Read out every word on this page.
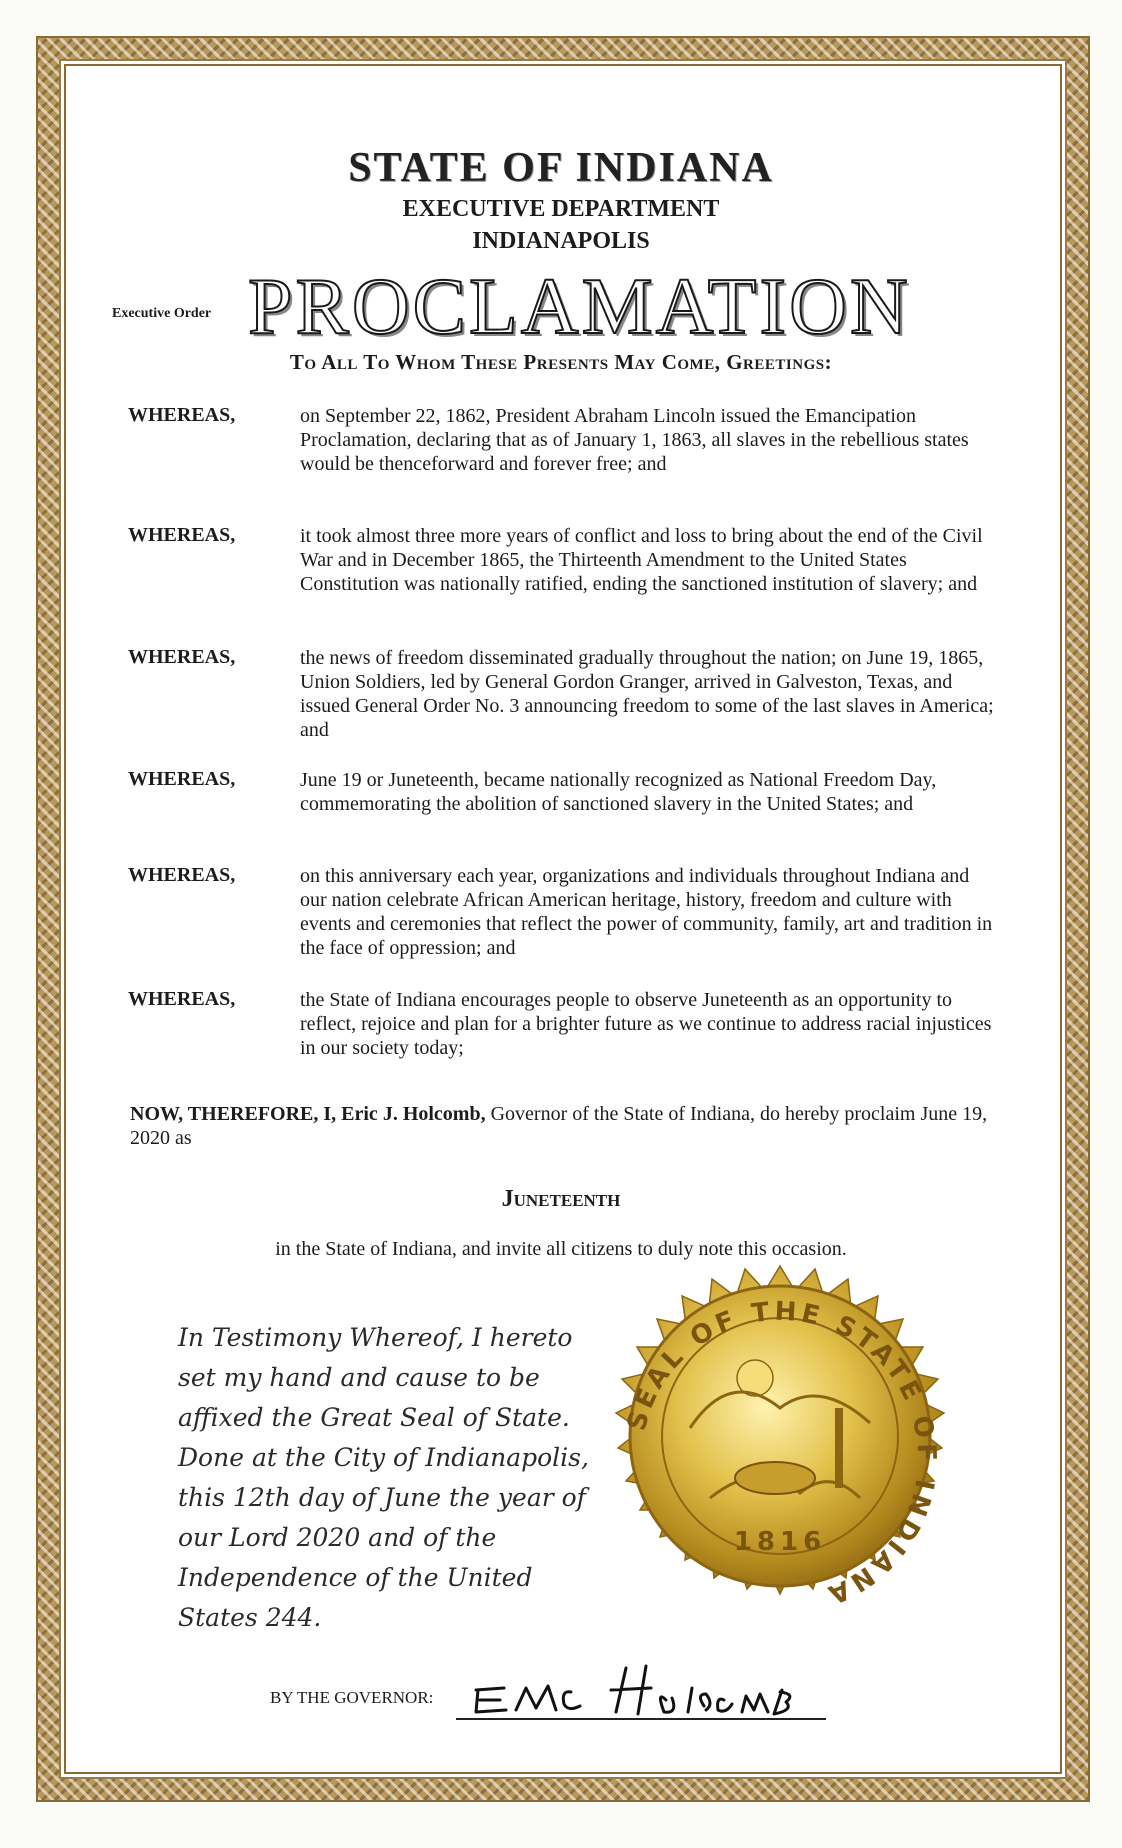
STATE OF INDIANA
EXECUTIVE DEPARTMENT
INDIANAPOLIS
Executive Order PROCLAMATION
To All To Whom These Presents May Come, Greetings:
WHEREAS,	on September 22, 1862, President Abraham Lincoln issued the Emancipation Proclamation, declaring that as of January 1, 1863, all slaves in the rebellious states would be thenceforward and forever free; and
WHEREAS,	it took almost three more years of conflict and loss to bring about the end of the Civil War and in December 1865, the Thirteenth Amendment to the United States Constitution was nationally ratified, ending the sanctioned institution of slavery; and
WHEREAS,	the news of freedom disseminated gradually throughout the nation; on June 19, 1865, Union Soldiers, led by General Gordon Granger, arrived in Galveston, Texas, and issued General Order No. 3 announcing freedom to some of the last slaves in America; and
WHEREAS,	June 19 or Juneteenth, became nationally recognized as National Freedom Day, commemorating the abolition of sanctioned slavery in the United States; and
WHEREAS,	on this anniversary each year, organizations and individuals throughout Indiana and our nation celebrate African American heritage, history, freedom and culture with events and ceremonies that reflect the power of community, family, art and tradition in the face of oppression; and
WHEREAS,	the State of Indiana encourages people to observe Juneteenth as an opportunity to reflect, rejoice and plan for a brighter future as we continue to address racial injustices in our society today;
NOW, THEREFORE, I, Eric J. Holcomb, Governor of the State of Indiana, do hereby proclaim June 19, 2020 as
Juneteenth
in the State of Indiana, and invite all citizens to duly note this occasion.
In Testimony Whereof, I hereto set my hand and cause to be affixed the Great Seal of State. Done at the City of Indianapolis, this 12th day of June the year of our Lord 2020 and of the Independence of the United States 244.
SEAL OF THE STATE OF INDIANA
1816
BY THE GOVERNOR:
